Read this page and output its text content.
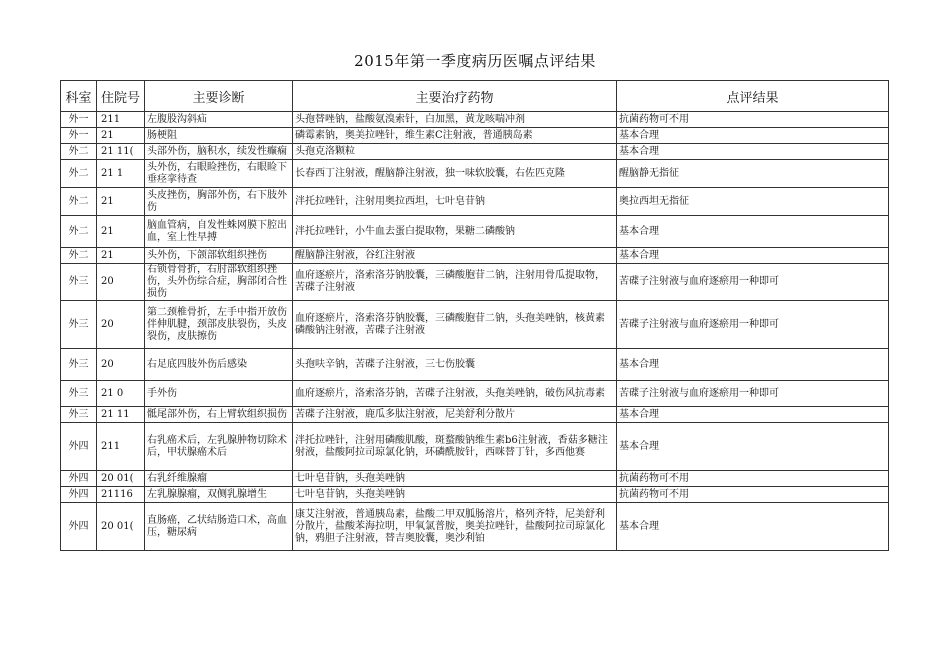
2015年第一季度病历医嘱点评结果
科室	住院号	主要诊断	主要治疗药物	点评结果
外一	211	左腹股沟斜疝	头孢替唑钠，盐酸氨溴索针，白加黑，黄龙咳喘冲剂	抗菌药物可不用
外一	21	肠梗阻	磷霉素钠，奥美拉唑针，维生素C注射液，普通胰岛素	基本合理
外二	21 11(	头部外伤，脑积水，续发性癫痫	头孢克洛颗粒	基本合理
外二	21 1	头外伤，右眼睑挫伤，右眼睑下垂痉挛待查	长春西丁注射液，醒脑静注射液，独一味软胶囊，右佐匹克隆	醒脑静无指征
外二	21	头皮挫伤，胸部外伤，右下肢外伤	泮托拉唑针，注射用奥拉西坦，七叶皂苷钠	奥拉西坦无指征
外二	21	脑血管病，自发性蛛网膜下腔出血，室上性早搏	泮托拉唑针，小牛血去蛋白提取物，果糖二磷酸钠	基本合理
外二	21	头外伤，下颌部软组织挫伤	醒脑静注射液，谷红注射液	基本合理
外三	20	右锁骨骨折，右肘部软组织挫伤，头外伤综合症，胸部闭合性损伤	血府逐瘀片，洛索洛芬钠胶囊，三磷酸胞苷二钠，注射用骨瓜提取物，苦碟子注射液	苦碟子注射液与血府逐瘀用一种即可
外三	20	第二颈椎骨折，左手中指开放伤伴伸肌腱，颈部皮肤裂伤，头皮裂伤，皮肤擦伤	血府逐瘀片，洛索洛芬钠胶囊，三磷酸胞苷二钠，头孢美唑钠，核黄素磷酸钠注射液，苦碟子注射液	苦碟子注射液与血府逐瘀用一种即可
外三	20	右足底四肢外伤后感染	头孢呋辛钠，苦碟子注射液，三七伤胶囊	基本合理
外三	21 0	手外伤	血府逐瘀片，洛索洛芬钠，苦碟子注射液，头孢美唑钠，破伤风抗毒素	苦碟子注射液与血府逐瘀用一种即可
外三	21 11	骶尾部外伤，右上臂软组织损伤	苦碟子注射液，鹿瓜多肽注射液，尼美舒利分散片	基本合理
外四	211	右乳癌术后，左乳腺肿物切除术后，甲状腺癌术后	泮托拉唑针，注射用磷酸肌酸，斑蝥酸钠维生素b6注射液，香菇多糖注射液，盐酸阿拉司琼氯化钠，环磷酰胺针，西咪替丁针，多西他赛	基本合理
外四	20 01(	右乳纤维腺瘤	七叶皂苷钠，头孢美唑钠	抗菌药物可不用
外四	21116	左乳腺腺瘤，双侧乳腺增生	七叶皂苷钠，头孢美唑钠	抗菌药物可不用
外四	20 01(	直肠癌，乙状结肠造口术，高血压，糖尿病	康艾注射液，普通胰岛素，盐酸二甲双胍肠溶片，格列齐特，尼美舒利分散片，盐酸苯海拉明，甲氧氯普胺，奥美拉唑针，盐酸阿拉司琼氯化钠，鸦胆子注射液，替吉奥胶囊，奥沙利铂	基本合理
